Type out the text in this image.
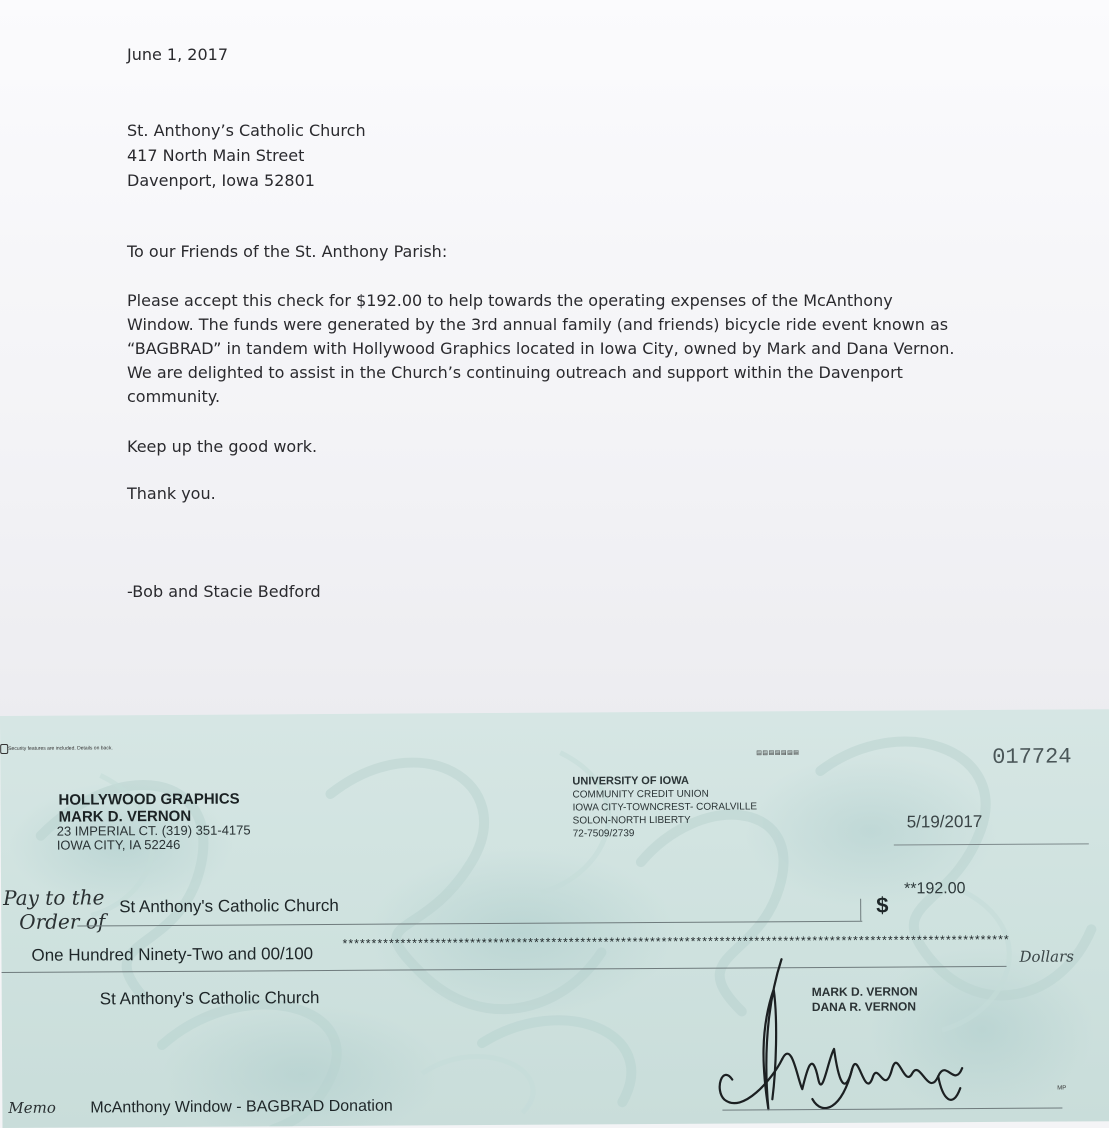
June 1, 2017

St. Anthony’s Catholic Church
417 North Main Street
Davenport, Iowa 52801

To our Friends of the St. Anthony Parish:

Please accept this check for $192.00 to help towards the operating expenses of the McAnthony
Window. The funds were generated by the 3rd annual family (and friends) bicycle ride event known as
“BAGBRAD” in tandem with Hollywood Graphics located in Iowa City, owned by Mark and Dana Vernon.
We are delighted to assist in the Church’s continuing outreach and support within the Davenport
community.

Keep up the good work.

Thank you.

-Bob and Stacie Bedford

Security features are included. Details on back.
▤▤▤▤▤▤▤	017724
HOLLYWOOD GRAPHICS
MARK D. VERNON
23 IMPERIAL CT. (319) 351-4175
IOWA CITY, IA 52246
UNIVERSITY OF IOWA
COMMUNITY CREDIT UNION
IOWA CITY-TOWNCREST- CORALVILLE
SOLON-NORTH LIBERTY
72-7509/2739
5/19/2017
Pay to the
Order of
St Anthony's Catholic Church	$
**192.00
One Hundred Ninety-Two and 00/100
*******************************************************************************************************************
Dollars
St Anthony's Catholic Church	MARK D. VERNON
DANA R. VERNON
Memo McAnthony Window - BAGBRAD Donation
MP
